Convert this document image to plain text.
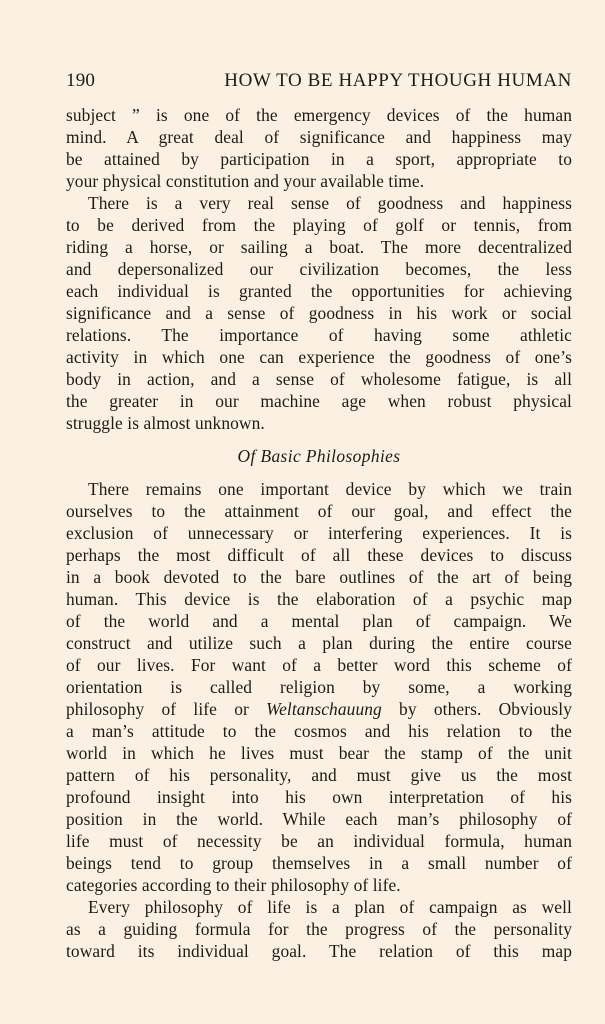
190	HOW TO BE HAPPY THOUGH HUMAN
subject ” is one of the emergency devices of the human
mind. A great deal of significance and happiness may
be attained by participation in a sport, appropriate to
your physical constitution and your available time.
There is a very real sense of goodness and happiness
to be derived from the playing of golf or tennis, from
riding a horse, or sailing a boat. The more decentralized
and depersonalized our civilization becomes, the less
each individual is granted the opportunities for achieving
significance and a sense of goodness in his work or social
relations. The importance of having some athletic
activity in which one can experience the goodness of one’s
body in action, and a sense of wholesome fatigue, is all
the greater in our machine age when robust physical
struggle is almost unknown.
Of Basic Philosophies
There remains one important device by which we train
ourselves to the attainment of our goal, and effect the
exclusion of unnecessary or interfering experiences. It is
perhaps the most difficult of all these devices to discuss
in a book devoted to the bare outlines of the art of being
human. This device is the elaboration of a psychic map
of the world and a mental plan of campaign. We
construct and utilize such a plan during the entire course
of our lives. For want of a better word this scheme of
orientation is called religion by some, a working
philosophy of life or Weltanschauung by others. Obviously
a man’s attitude to the cosmos and his relation to the
world in which he lives must bear the stamp of the unit
pattern of his personality, and must give us the most
profound insight into his own interpretation of his
position in the world. While each man’s philosophy of
life must of necessity be an individual formula, human
beings tend to group themselves in a small number of
categories according to their philosophy of life.
Every philosophy of life is a plan of campaign as well
as a guiding formula for the progress of the personality
toward its individual goal. The relation of this map
